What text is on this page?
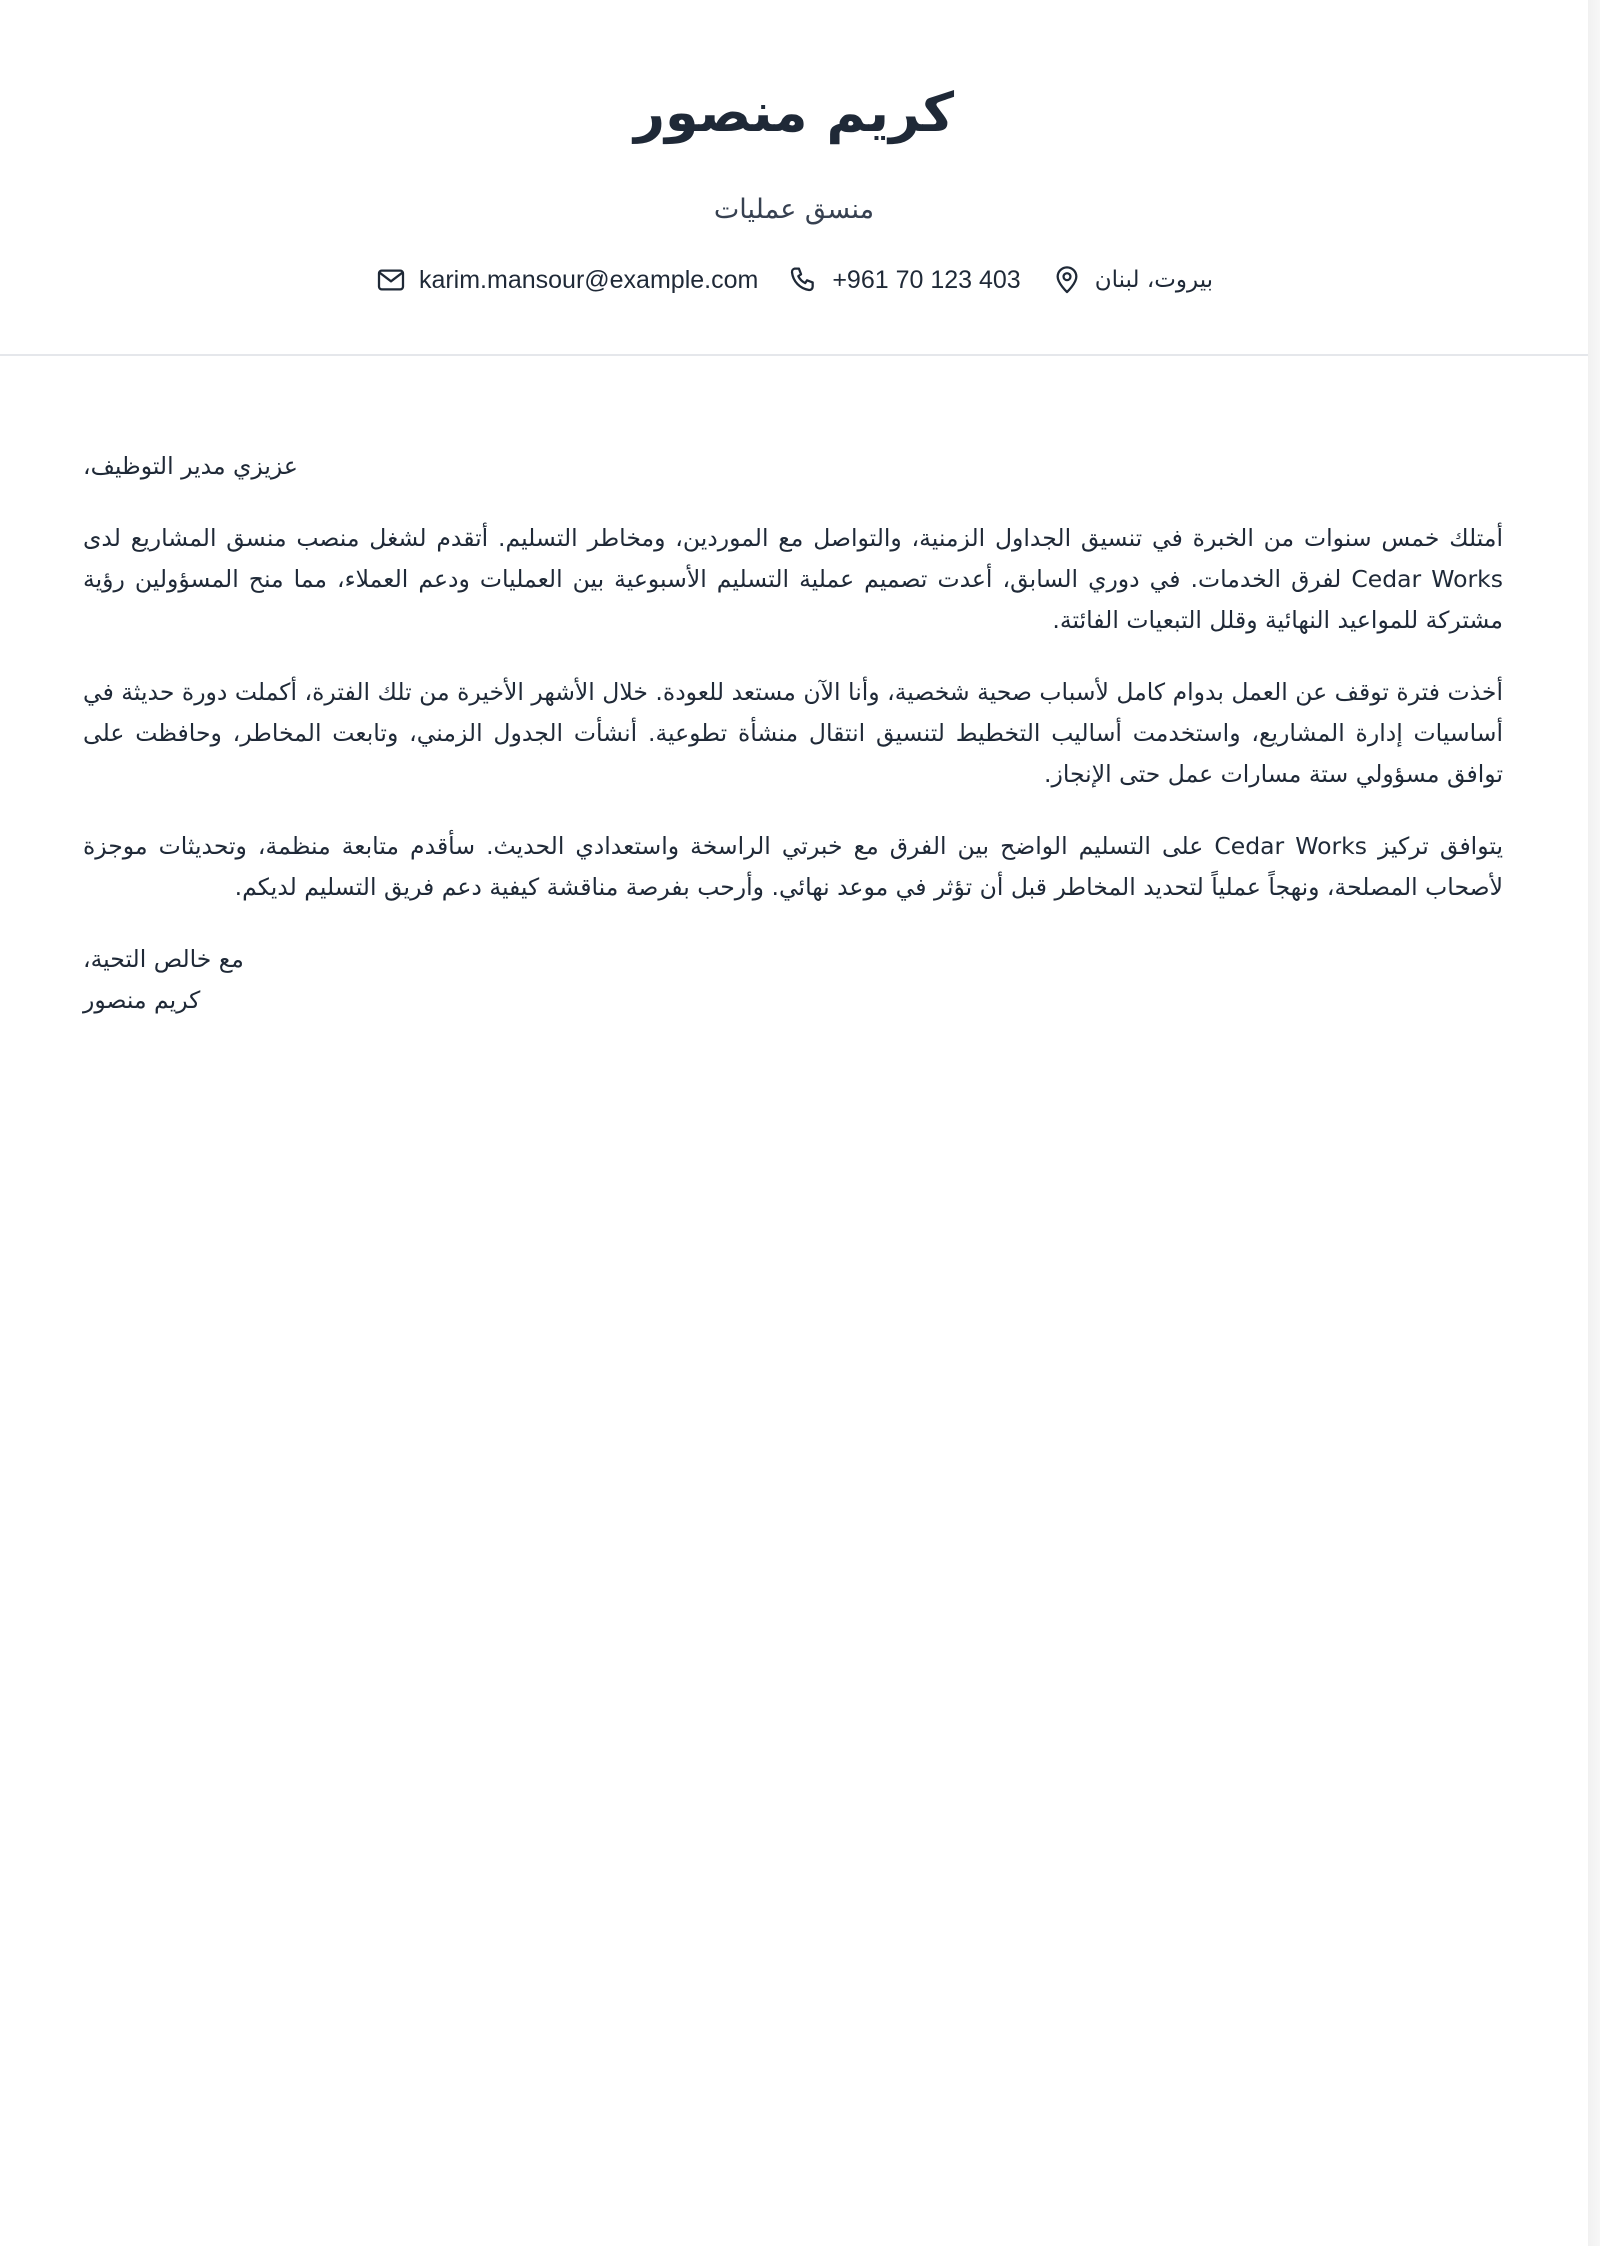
كريم منصور
منسق عمليات
karim.mansour@example.com	+961 70 123 403	بيروت، لبنان

عزيزي مدير التوظيف،

أمتلك خمس سنوات من الخبرة في تنسيق الجداول الزمنية، والتواصل مع الموردين، ومخاطر التسليم. أتقدم لشغل منصب منسق المشاريع لدى Cedar Works لفرق الخدمات. في دوري السابق، أعدت تصميم عملية التسليم الأسبوعية بين العمليات ودعم العملاء، مما منح المسؤولين رؤية مشتركة للمواعيد النهائية وقلل التبعيات الفائتة.

أخذت فترة توقف عن العمل بدوام كامل لأسباب صحية شخصية، وأنا الآن مستعد للعودة. خلال الأشهر الأخيرة من تلك الفترة، أكملت دورة حديثة في أساسيات إدارة المشاريع، واستخدمت أساليب التخطيط لتنسيق انتقال منشأة تطوعية. أنشأت الجدول الزمني، وتابعت المخاطر، وحافظت على توافق مسؤولي ستة مسارات عمل حتى الإنجاز.

يتوافق تركيز Cedar Works على التسليم الواضح بين الفرق مع خبرتي الراسخة واستعدادي الحديث. سأقدم متابعة منظمة، وتحديثات موجزة لأصحاب المصلحة، ونهجاً عملياً لتحديد المخاطر قبل أن تؤثر في موعد نهائي. وأرحب بفرصة مناقشة كيفية دعم فريق التسليم لديكم.

مع خالص التحية،
كريم منصور
